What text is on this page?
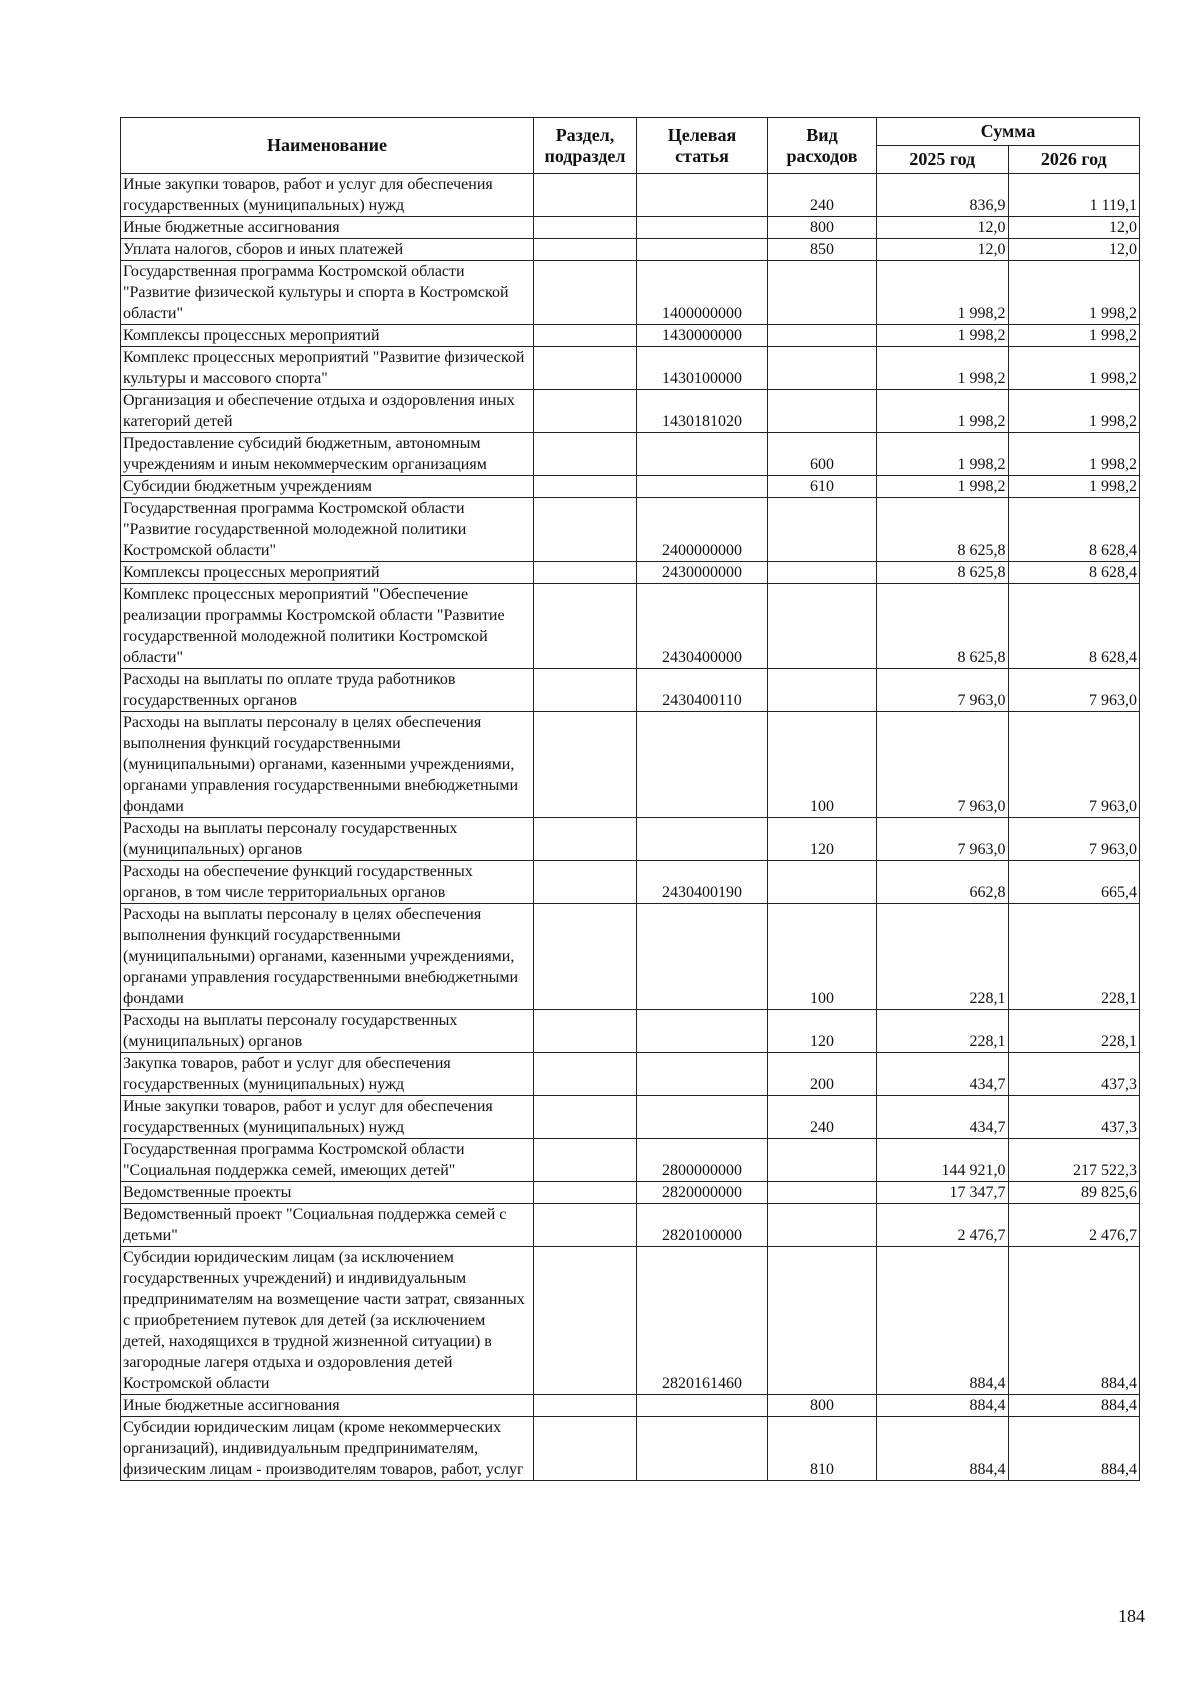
Наименование	Раздел, подраздел	Целевая статья	Вид расходов	Сумма	
				2025 год	2026 год
Иные закупки товаров, работ и услуг для обеспечения государственных (муниципальных) нужд			240	836,9	1 119,1
Иные бюджетные ассигнования			800	12,0	12,0
Уплата налогов, сборов и иных платежей			850	12,0	12,0
Государственная программа Костромской области "Развитие физической культуры и спорта в Костромской области"		1400000000		1 998,2	1 998,2
Комплексы процессных мероприятий		1430000000		1 998,2	1 998,2
Комплекс процессных мероприятий "Развитие физической культуры и массового спорта"		1430100000		1 998,2	1 998,2
Организация и обеспечение отдыха и оздоровления иных категорий детей		1430181020		1 998,2	1 998,2
Предоставление субсидий бюджетным, автономным учреждениям и иным некоммерческим организациям			600	1 998,2	1 998,2
Субсидии бюджетным учреждениям			610	1 998,2	1 998,2
Государственная программа Костромской области "Развитие государственной молодежной политики Костромской области"		2400000000		8 625,8	8 628,4
Комплексы процессных мероприятий		2430000000		8 625,8	8 628,4
Комплекс процессных мероприятий "Обеспечение реализации программы Костромской области "Развитие государственной молодежной политики Костромской области"		2430400000		8 625,8	8 628,4
Расходы на выплаты по оплате труда работников государственных органов		2430400110		7 963,0	7 963,0
Расходы на выплаты персоналу в целях обеспечения выполнения функций государственными (муниципальными) органами, казенными учреждениями, органами управления государственными внебюджетными фондами			100	7 963,0	7 963,0
Расходы на выплаты персоналу государственных (муниципальных) органов			120	7 963,0	7 963,0
Расходы на обеспечение функций государственных органов, в том числе территориальных органов		2430400190		662,8	665,4
Расходы на выплаты персоналу в целях обеспечения выполнения функций государственными (муниципальными) органами, казенными учреждениями, органами управления государственными внебюджетными фондами			100	228,1	228,1
Расходы на выплаты персоналу государственных (муниципальных) органов			120	228,1	228,1
Закупка товаров, работ и услуг для обеспечения государственных (муниципальных) нужд			200	434,7	437,3
Иные закупки товаров, работ и услуг для обеспечения государственных (муниципальных) нужд			240	434,7	437,3
Государственная программа Костромской области "Социальная поддержка семей, имеющих детей"		2800000000		144 921,0	217 522,3
Ведомственные проекты		2820000000		17 347,7	89 825,6
Ведомственный проект "Социальная поддержка семей с детьми"		2820100000		2 476,7	2 476,7
Субсидии юридическим лицам (за исключением государственных учреждений) и индивидуальным предпринимателям на возмещение части затрат, связанных с приобретением путевок для детей (за исключением детей, находящихся в трудной жизненной ситуации) в загородные лагеря отдыха и оздоровления детей Костромской области		2820161460		884,4	884,4
Иные бюджетные ассигнования			800	884,4	884,4
Субсидии юридическим лицам (кроме некоммерческих организаций), индивидуальным предпринимателям, физическим лицам - производителям товаров, работ, услуг			810	884,4	884,4
184
